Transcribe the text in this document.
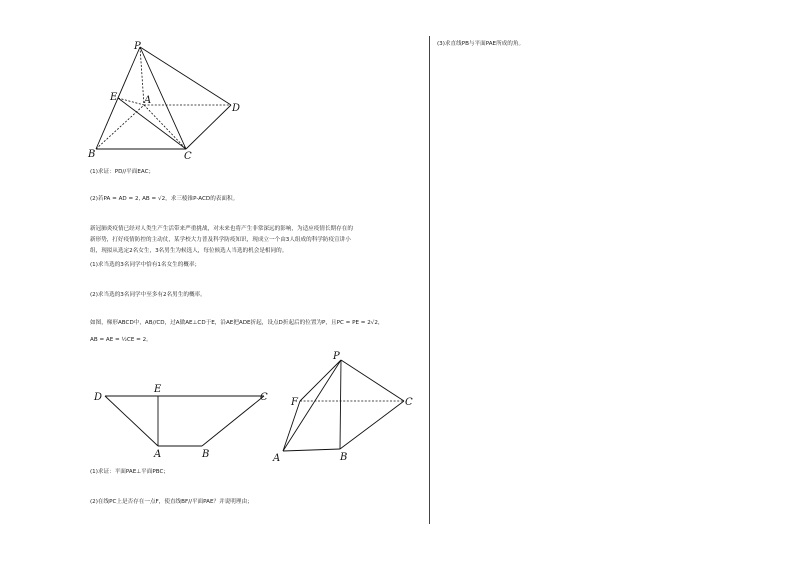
P
E	A
D
B	C
(1)求证：PD//平面EAC；
(2)若PA = AD = 2, AB = √2，求三棱锥P-ACD的表面积。
新冠肺炎疫情已经对人类生产生活带来严重挑战，对未来也将产生非常深远的影响，为适应疫情长期存在的
新形势，打好疫情防控的主动仗，某学校大力普及科学防疫知识，现成立一个由3人组成的科学防疫宣讲小
组，现拟从选定2名女生，3名男生为候选人，每位候选人当选的机会是相同的。
(1)求当选的3名同学中恰有1名女生的概率；
(2)求当选的3名同学中至多有2名男生的概率。
如图，梯形ABCD中，AB//CD，过A做AE⊥CD于E，沿AE把ADE折起，设点D折起后的位置为P，且PC = PE = 2√2，
AB = AE = ½CE = 2。
D
E
C
A	B
P
F	C
A	B
(1)求证：平面PAE⊥平面PBC；
(2)在线PC上是否存在一点F，使直线BF//平面PAE？并说明理由；
(3)求直线PB与平面PAE所成的角。
